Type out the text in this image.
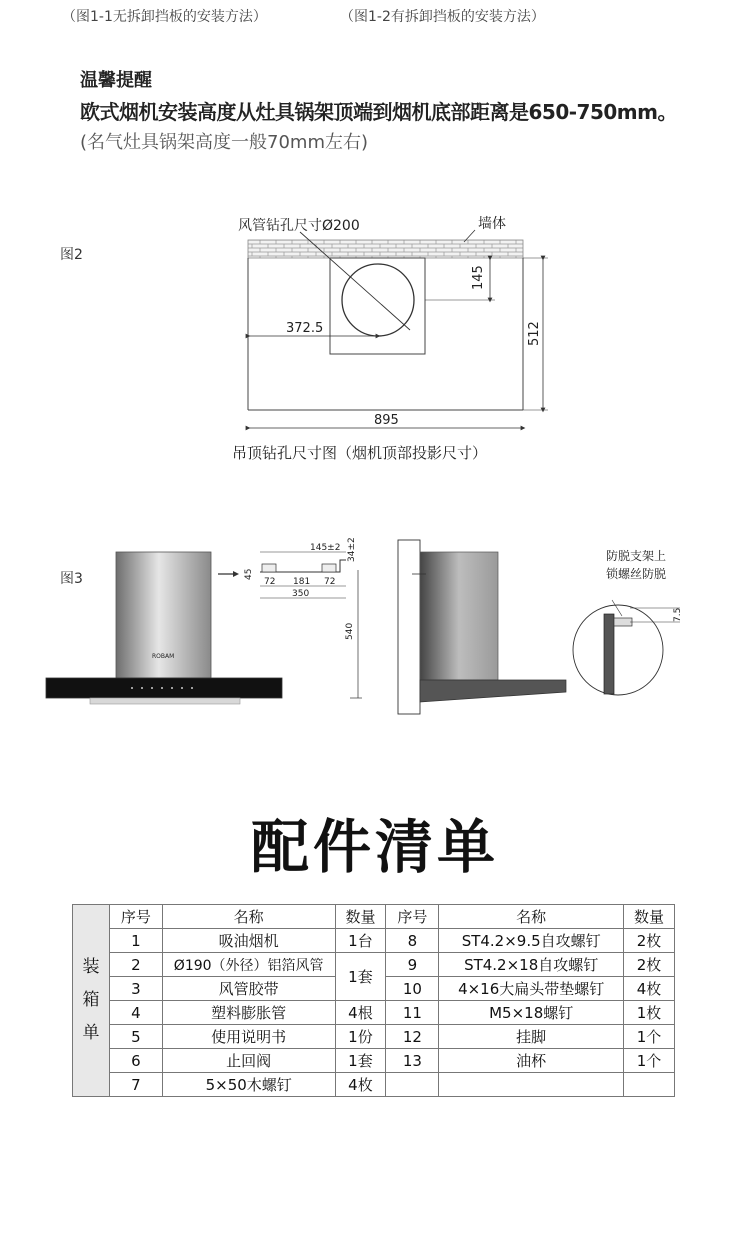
（图1-1无拆卸挡板的安装方法）	（图1-2有拆卸挡板的安装方法）
温馨提醒
欧式烟机安装高度从灶具锅架顶端到烟机底部距离是650-750mm。
(名气灶具锅架高度一般70mm左右)
图2
145
372.5	512
895
风管钻孔尺寸Ø200	墙体
吊顶钻孔尺寸图（烟机顶部投影尺寸）
图3
ROBAM
145±2 34±2
45
72 181 72
350
540
7.5
防脱支架上
锁螺丝防脱
配件清单
装
箱
单	序号	名称	数量	序号	名称	数量
	1	吸油烟机	1台	8	ST4.2×9.5自攻螺钉	2枚
	2	Ø190（外径）铝箔风管	1套	9	ST4.2×18自攻螺钉	2枚
	3	风管胶带		10	4×16大扁头带垫螺钉	4枚
	4	塑料膨胀管	4根	11	M5×18螺钉	1枚
	5	使用说明书	1份	12	挂脚	1个
	6	止回阀	1套	13	油杯	1个
	7	5×50木螺钉	4枚			
